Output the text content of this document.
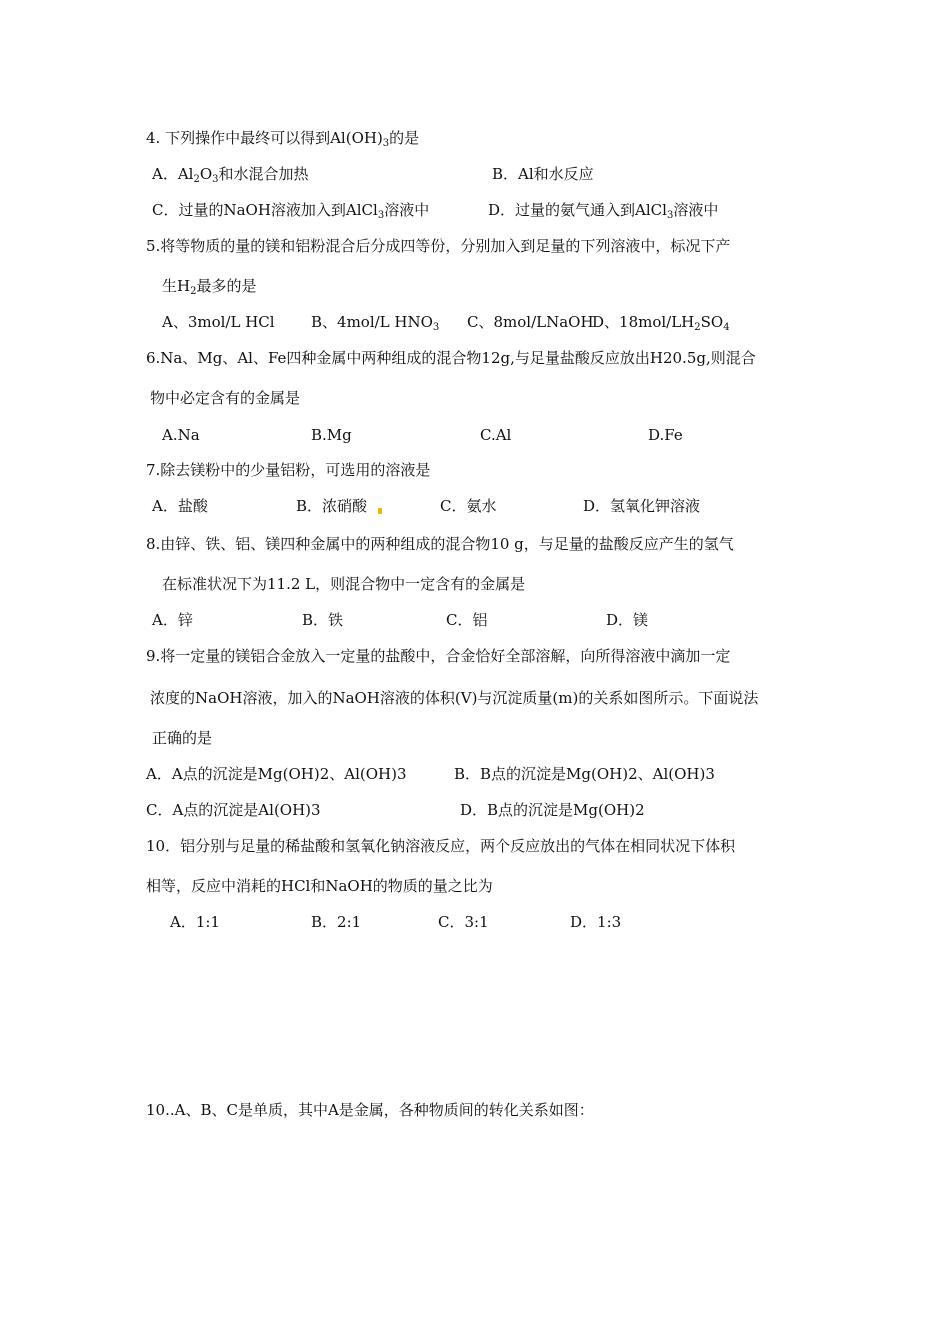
4. 下列操作中最终可以得到$Al(OH)_3$的是
A．$Al_2O_3$和水混合加热	B．Al和水反应
C．过量的NaOH溶液加入到AlCl$_3$溶液中	D．过量的氨气通入到AlCl$_3$溶液中
5.将等物质的量的镁和铝粉混合后分成四等份，分别加入到足量的下列溶液中，标况下产
生$H_2$最多的是
A、3mol/L HCl B、4mol/L $HNO_3$ C、8mol/LNaOH
D、$18mol/LH_2SO_4$
6.Na、Mg、Al、Fe四种金属中两种组成的混合物12g,与足量盐酸反应放出H20.5g,则混合
物中必定含有的金属是
A.Na	B.Mg	C.Al	D.Fe
7.除去镁粉中的少量铝粉，可选用的溶液是
A．盐酸	B．浓硝酸	C．氨水	D．氢氧化钾溶液
8.由锌、铁、铝、镁四种金属中的两种组成的混合物10 g，与足量的盐酸反应产生的氢气
在标准状况下为11.2 L，则混合物中一定含有的金属是
A．锌	B．铁	C．铝	D．镁
9.将一定量的镁铝合金放入一定量的盐酸中，合金恰好全部溶解，向所得溶液中滴加一定
浓度的NaOH溶液，加入的NaOH溶液的体积(V)与沉淀质量(m)的关系如图所示。下面说法
正确的是
A．A点的沉淀是Mg(OH)2、Al(OH)3	B．B点的沉淀是Mg(OH)2、Al(OH)3
C．A点的沉淀是Al(OH)3	D．B点的沉淀是Mg(OH)2
10．铝分别与足量的稀盐酸和氢氧化钠溶液反应，两个反应放出的气体在相同状况下体积
相等，反应中消耗的HCl和NaOH的物质的量之比为
A．1:1	B．2:1	C．3:1	D．1:3
10..A、B、C是单质，其中A是金属，各种物质间的转化关系如图：
